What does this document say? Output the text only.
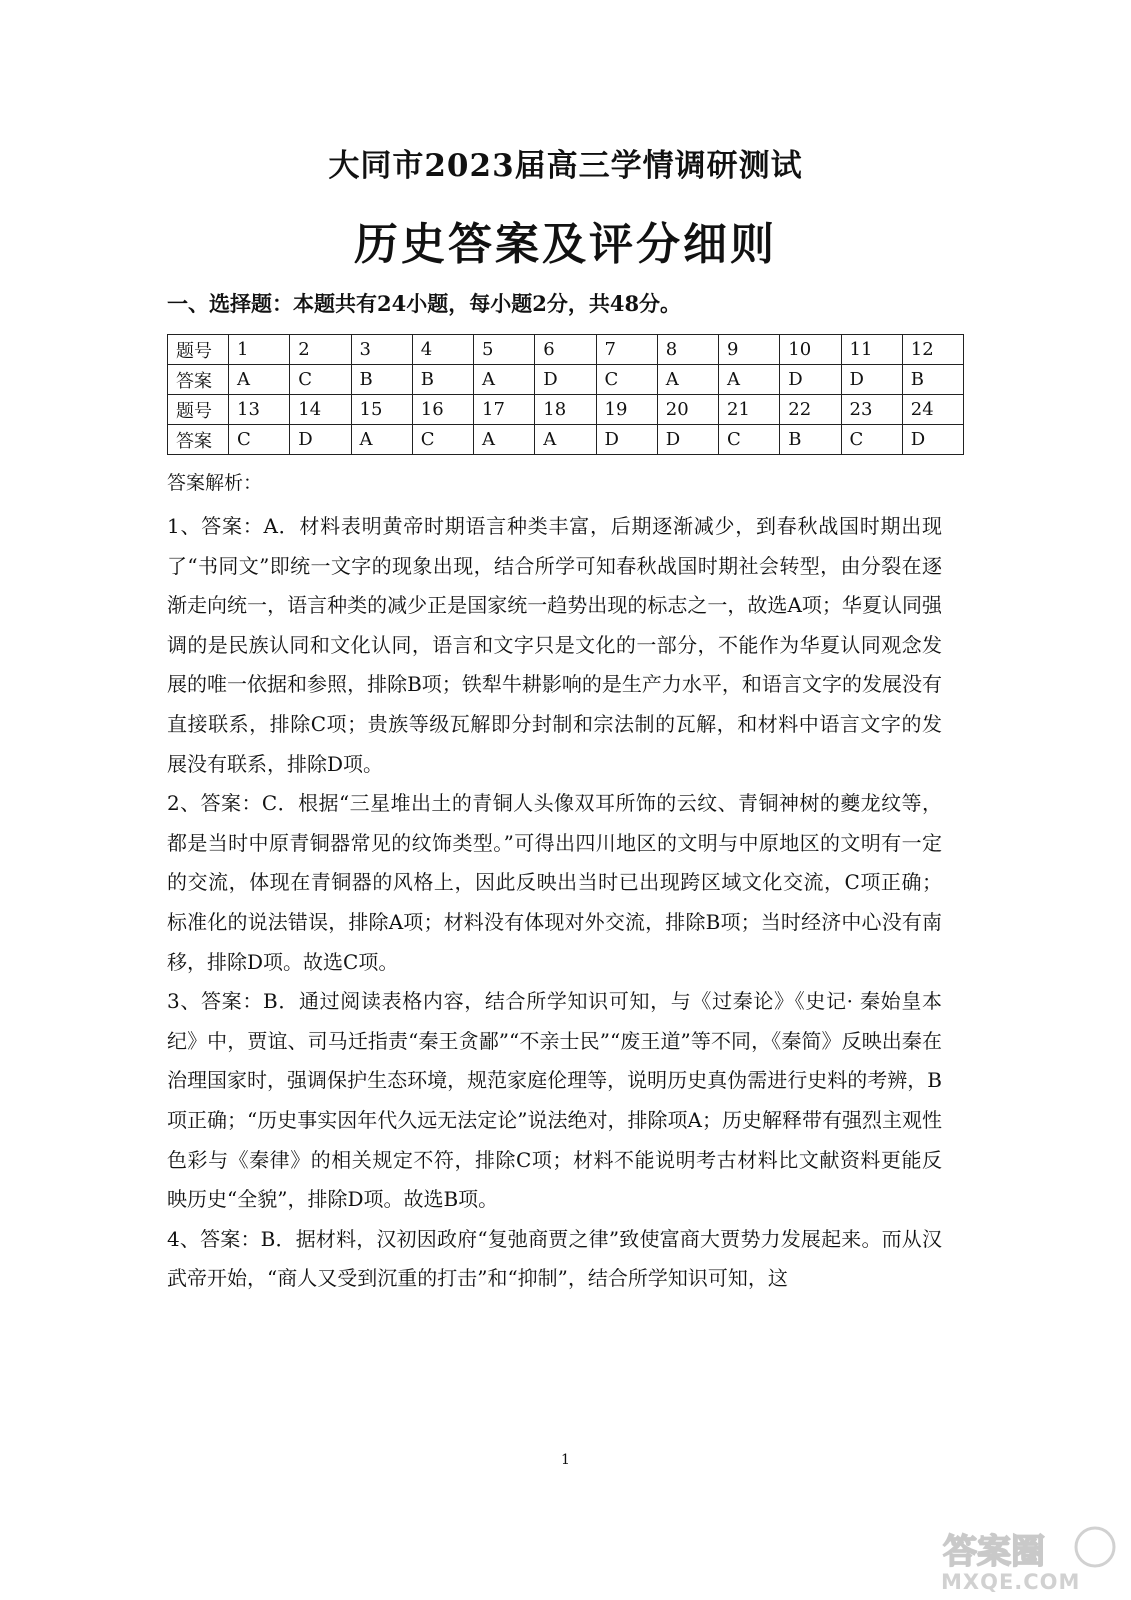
大同市2023届高三学情调研测试
历史答案及评分细则
一、选择题：本题共有24小题，每小题2分，共48分。
题号	1	2	3	4	5	6	7	8	9	10	11	12
答案	A	C	B	B	A	D	C	A	A	D	D	B
题号	13	14	15	16	17	18	19	20	21	22	23	24
答案	C	D	A	C	A	A	D	D	C	B	C	D
答案解析：

1、答案：A．材料表明黄帝时期语言种类丰富，后期逐渐减少，到春秋战国时期出现了“书同文”即统一文字的现象出现，结合所学可知春秋战国时期社会转型，由分裂在逐渐走向统一，语言种类的减少正是国家统一趋势出现的标志之一，故选A项；华夏认同强调的是民族认同和文化认同，语言和文字只是文化的一部分，不能作为华夏认同观念发展的唯一依据和参照，排除B项；铁犁牛耕影响的是生产力水平，和语言文字的发展没有直接联系，排除C项；贵族等级瓦解即分封制和宗法制的瓦解，和材料中语言文字的发展没有联系，排除D项。

2、答案：C．根据“三星堆出土的青铜人头像双耳所饰的云纹、青铜神树的夔龙纹等，都是当时中原青铜器常见的纹饰类型。”可得出四川地区的文明与中原地区的文明有一定的交流，体现在青铜器的风格上，因此反映出当时已出现跨区域文化交流，C项正确；标准化的说法错误，排除A项；材料没有体现对外交流，排除B项；当时经济中心没有南移，排除D项。故选C项。

3、答案：B．通过阅读表格内容，结合所学知识可知，与《过秦论》《史记· 秦始皇本纪》中，贾谊、司马迁指责“秦王贪鄙”“不亲士民”“废王道”等不同，《秦简》反映出秦在治理国家时，强调保护生态环境，规范家庭伦理等，说明历史真伪需进行史料的考辨，B项正确；“历史事实因年代久远无法定论”说法绝对，排除项A；历史解释带有强烈主观性色彩与《秦律》的相关规定不符，排除C项；材料不能说明考古材料比文献资料更能反映历史“全貌”，排除D项。故选B项。

4、答案：B．据材料，汉初因政府“复弛商贾之律”致使富商大贾势力发展起来。而从汉武帝开始，“商人又受到沉重的打击”和“抑制”，结合所学知识可知，这

1
答案圈
MXQE.COM
